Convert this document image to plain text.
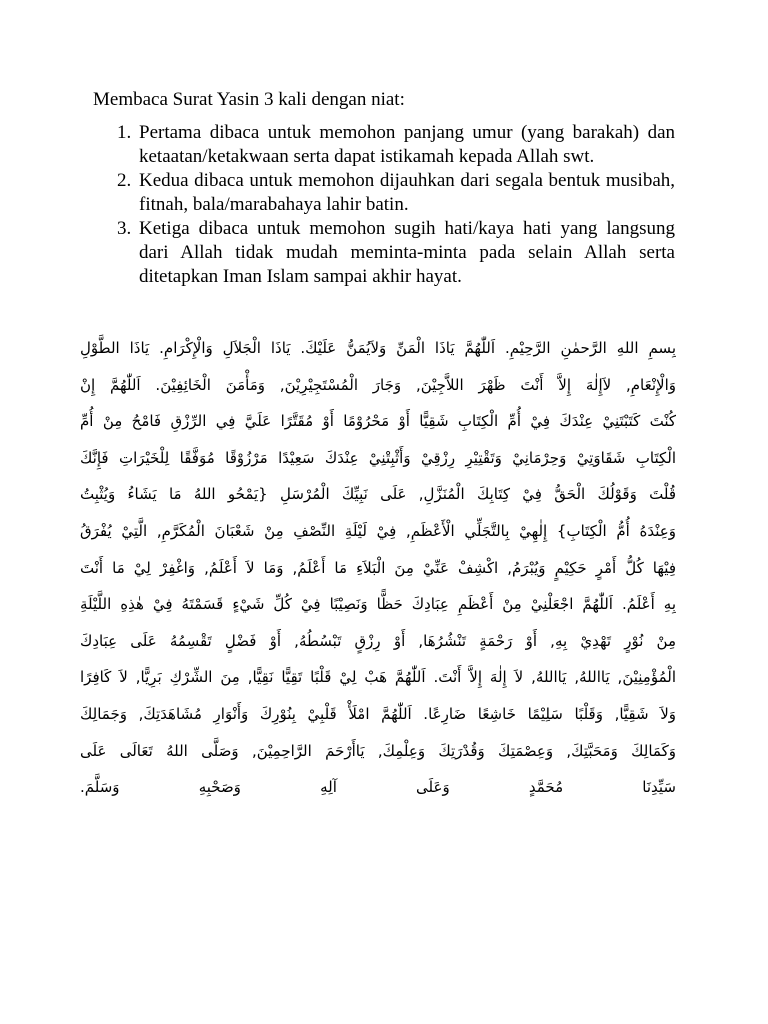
Membaca Surat Yasin 3 kali dengan niat:
1. Pertama dibaca untuk memohon panjang umur (yang barakah) dan ketaatan/ketakwaan serta dapat istikamah kepada Allah swt.
2. Kedua dibaca untuk memohon dijauhkan dari segala bentuk musibah, fitnah, bala/marabahaya lahir batin.
3. Ketiga dibaca untuk memohon sugih hati/kaya hati yang langsung dari Allah tidak mudah meminta-minta pada selain Allah serta ditetapkan Iman Islam sampai akhir hayat.
بِسمِ اللهِ الرَّحمٰنِ الرَّحِيْمِ. اَللّٰهُمَّ يَاذَا الْمَنِّ وَلاَيُمَنُّ عَلَيْكَ. يَاذَا الْجَلاَلِ وَالْإِكْرَامِ. يَاذَا الطَّوْلِ
وَالْإِنْعَامِ, لاَإِلٰهَ إِلاَّ أَنْتَ ظَهْرَ اللاَّجِيْنَ, وَجَارَ الْمُسْتَجِيْرِيْنَ, وَمَأْمَنَ الْخَائِفِيْنَ. اَللّٰهُمَّ إِنْ
كُنْتَ كَتَبْتَنِيْ عِنْدَكَ فِيْ أُمِّ الْكِتَابِ شَقِيًّا أَوْ مَحْرُوْمًا أَوْ مُقَتَّرًا عَلَيَّ فِي الرِّزْقِ فَامْحُ مِنْ أُمِّ
الْكِتَابِ شَقَاوَتِيْ وَحِرْمَانِيْ وَتَقْتِيْرِ رِزْقِيْ وَأَثْبِتْنِيْ عِنْدَكَ سَعِيْدًا مَرْزُوْقًا مُوَفَّقًا لِلْخَيْرَاتِ فَإِنَّكَ
قُلْتَ وَقَوْلُكَ الْحَقُّ فِيْ كِتَابِكَ الْمُنَزَّلِ, عَلَى نَبِيِّكَ الْمُرْسَلِ {يَمْحُو اللهُ مَا يَشَاءُ وَيُثْبِتُ
وَعِنْدَهُ أُمُّ الْكِتَابِ} إِلٰهِيْ بِالتَّجَلِّي الْأَعْظَمِ, فِيْ لَيْلَةِ النِّصْفِ مِنْ شَعْبَانَ الْمُكَرَّمِ, الَّتِيْ يُفْرَقُ
فِيْهَا كُلُّ أَمْرٍ حَكِيْمٍ وَيُبْرَمُ, اكْشِفْ عَنِّيْ مِنَ الْبَلاَءِ مَا أَعْلَمُ, وَمَا لاَ أَعْلَمُ, وَاغْفِرْ لِيْ مَا أَنْتَ
بِهِ أَعْلَمُ. اَللّٰهُمَّ اجْعَلْنِيْ مِنْ أَعْظَمِ عِبَادِكَ حَظًّا وَنَصِيْبًا فِيْ كُلِّ شَيْءٍ قَسَمْتَهُ فِيْ هٰذِهِ اللَّيْلَةِ
مِنْ نُوْرٍ تَهْدِيْ بِهِ, أَوْ رَحْمَةٍ تَنْشُرُهَا, أَوْ رِزْقٍ تَبْسُطُهُ, أَوْ فَضْلٍ تَقْسِمُهُ عَلَى عِبَادِكَ
الْمُؤْمِنِيْنَ, يَااللهُ, يَااللهُ, لاَ إِلٰهَ إِلاَّ أَنْتَ. اَللّٰهُمَّ هَبْ لِيْ قَلْبًا تَقِيًّا نَقِيًّا, مِنَ الشِّرْكِ بَرِيًّا, لاَ كَافِرًا
وَلاَ شَقِيًّا, وَقَلْبًا سَلِيْمًا خَاشِعًا ضَارِعًا. اَللّٰهُمَّ امْلَأْ قَلْبِيْ بِنُوْرِكَ وَأَنْوَارِ مُشَاهَدَتِكَ, وَجَمَالِكَ
وَكَمَالِكَ وَمَحَبَّتِكَ, وَعِصْمَتِكَ وَقُدْرَتِكَ وَعِلْمِكَ, يَاأَرْحَمَ الرَّاحِمِيْنَ, وَصَلَّى اللهُ تَعَالَى عَلَى
سَيِّدِنَا مُحَمَّدٍ وَعَلَى آلِهِ وَصَحْبِهِ وَسَلَّمَ.
